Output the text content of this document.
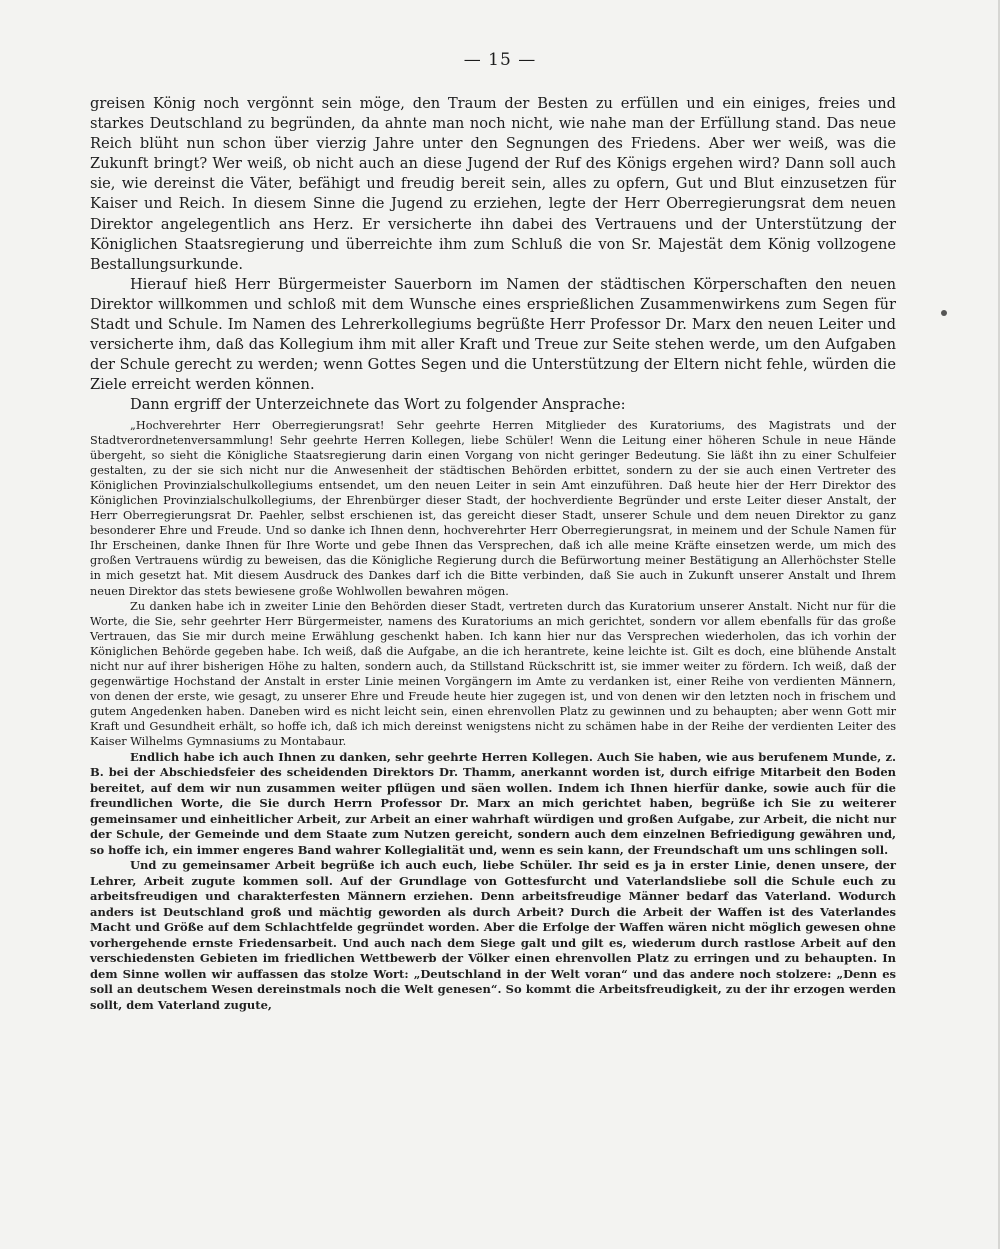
— 15 —

greisen König noch vergönnt sein möge, den Traum der Besten zu erfüllen und ein einiges, freies und starkes Deutschland zu begründen, da ahnte man noch nicht, wie nahe man der Erfüllung stand. Das neue Reich blüht nun schon über vierzig Jahre unter den Segnungen des Friedens. Aber wer weiß, was die Zukunft bringt? Wer weiß, ob nicht auch an diese Jugend der Ruf des Königs ergehen wird? Dann soll auch sie, wie dereinst die Väter, befähigt und freudig bereit sein, alles zu opfern, Gut und Blut einzusetzen für Kaiser und Reich. In diesem Sinne die Jugend zu erziehen, legte der Herr Oberregierungsrat dem neuen Direktor angelegentlich ans Herz. Er versicherte ihn dabei des Vertrauens und der Unterstützung der Königlichen Staatsregierung und überreichte ihm zum Schluß die von Sr. Majestät dem König vollzogene Bestallungsurkunde.

Hierauf hieß Herr Bürgermeister Sauerborn im Namen der städtischen Körperschaften den neuen Direktor willkommen und schloß mit dem Wunsche eines ersprießlichen Zusammenwirkens zum Segen für Stadt und Schule. Im Namen des Lehrerkollegiums begrüßte Herr Professor Dr. Marx den neuen Leiter und versicherte ihm, daß das Kollegium ihm mit aller Kraft und Treue zur Seite stehen werde, um den Aufgaben der Schule gerecht zu werden; wenn Gottes Segen und die Unterstützung der Eltern nicht fehle, würden die Ziele erreicht werden können.

Dann ergriff der Unterzeichnete das Wort zu folgender Ansprache:

„Hochverehrter Herr Oberregierungsrat! Sehr geehrte Herren Mitglieder des Kuratoriums, des Magistrats und der Stadtverordnetenversammlung! Sehr geehrte Herren Kollegen, liebe Schüler! Wenn die Leitung einer höheren Schule in neue Hände übergeht, so sieht die Königliche Staatsregierung darin einen Vorgang von nicht geringer Bedeutung. Sie läßt ihn zu einer Schulfeier gestalten, zu der sie sich nicht nur die Anwesenheit der städtischen Behörden erbittet, sondern zu der sie auch einen Vertreter des Königlichen Provinzialschulkollegiums entsendet, um den neuen Leiter in sein Amt einzuführen. Daß heute hier der Herr Direktor des Königlichen Provinzialschulkollegiums, der Ehrenbürger dieser Stadt, der hochverdiente Begründer und erste Leiter dieser Anstalt, der Herr Oberregierungsrat Dr. Paehler, selbst erschienen ist, das gereicht dieser Stadt, unserer Schule und dem neuen Direktor zu ganz besonderer Ehre und Freude. Und so danke ich Ihnen denn, hochverehrter Herr Oberregierungsrat, in meinem und der Schule Namen für Ihr Erscheinen, danke Ihnen für Ihre Worte und gebe Ihnen das Versprechen, daß ich alle meine Kräfte einsetzen werde, um mich des großen Vertrauens würdig zu beweisen, das die Königliche Regierung durch die Befürwortung meiner Bestätigung an Allerhöchster Stelle in mich gesetzt hat. Mit diesem Ausdruck des Dankes darf ich die Bitte verbinden, daß Sie auch in Zukunft unserer Anstalt und Ihrem neuen Direktor das stets bewiesene große Wohlwollen bewahren mögen.

Zu danken habe ich in zweiter Linie den Behörden dieser Stadt, vertreten durch das Kuratorium unserer Anstalt. Nicht nur für die Worte, die Sie, sehr geehrter Herr Bürgermeister, namens des Kuratoriums an mich gerichtet, sondern vor allem ebenfalls für das große Vertrauen, das Sie mir durch meine Erwählung geschenkt haben. Ich kann hier nur das Versprechen wiederholen, das ich vorhin der Königlichen Behörde gegeben habe. Ich weiß, daß die Aufgabe, an die ich herantrete, keine leichte ist. Gilt es doch, eine blühende Anstalt nicht nur auf ihrer bisherigen Höhe zu halten, sondern auch, da Stillstand Rückschritt ist, sie immer weiter zu fördern. Ich weiß, daß der gegenwärtige Hochstand der Anstalt in erster Linie meinen Vorgängern im Amte zu verdanken ist, einer Reihe von verdienten Männern, von denen der erste, wie gesagt, zu unserer Ehre und Freude heute hier zugegen ist, und von denen wir den letzten noch in frischem und gutem Angedenken haben. Daneben wird es nicht leicht sein, einen ehrenvollen Platz zu gewinnen und zu behaupten; aber wenn Gott mir Kraft und Gesundheit erhält, so hoffe ich, daß ich mich dereinst wenigstens nicht zu schämen habe in der Reihe der verdienten Leiter des Kaiser Wilhelms Gymnasiums zu Montabaur.

Endlich habe ich auch Ihnen zu danken, sehr geehrte Herren Kollegen. Auch Sie haben, wie aus berufenem Munde, z. B. bei der Abschiedsfeier des scheidenden Direktors Dr. Thamm, anerkannt worden ist, durch eifrige Mitarbeit den Boden bereitet, auf dem wir nun zusammen weiter pflügen und säen wollen. Indem ich Ihnen hierfür danke, sowie auch für die freundlichen Worte, die Sie durch Herrn Professor Dr. Marx an mich gerichtet haben, begrüße ich Sie zu weiterer gemeinsamer und einheitlicher Arbeit, zur Arbeit an einer wahrhaft würdigen und großen Aufgabe, zur Arbeit, die nicht nur der Schule, der Gemeinde und dem Staate zum Nutzen gereicht, sondern auch dem einzelnen Befriedigung gewähren und, so hoffe ich, ein immer engeres Band wahrer Kollegialität und, wenn es sein kann, der Freundschaft um uns schlingen soll.

Und zu gemeinsamer Arbeit begrüße ich auch euch, liebe Schüler. Ihr seid es ja in erster Linie, denen unsere, der Lehrer, Arbeit zugute kommen soll. Auf der Grundlage von Gottesfurcht und Vaterlandsliebe soll die Schule euch zu arbeitsfreudigen und charakterfesten Männern erziehen. Denn arbeitsfreudige Männer bedarf das Vaterland. Wodurch anders ist Deutschland groß und mächtig geworden als durch Arbeit? Durch die Arbeit der Waffen ist des Vaterlandes Macht und Größe auf dem Schlachtfelde gegründet worden. Aber die Erfolge der Waffen wären nicht möglich gewesen ohne vorhergehende ernste Friedensarbeit. Und auch nach dem Siege galt und gilt es, wiederum durch rastlose Arbeit auf den verschiedensten Gebieten im friedlichen Wettbewerb der Völker einen ehrenvollen Platz zu erringen und zu behaupten. In dem Sinne wollen wir auffassen das stolze Wort: „Deutschland in der Welt voran“ und das andere noch stolzere: „Denn es soll an deutschem Wesen dereinstmals noch die Welt genesen“. So kommt die Arbeitsfreudigkeit, zu der ihr erzogen werden sollt, dem Vaterland zugute,
